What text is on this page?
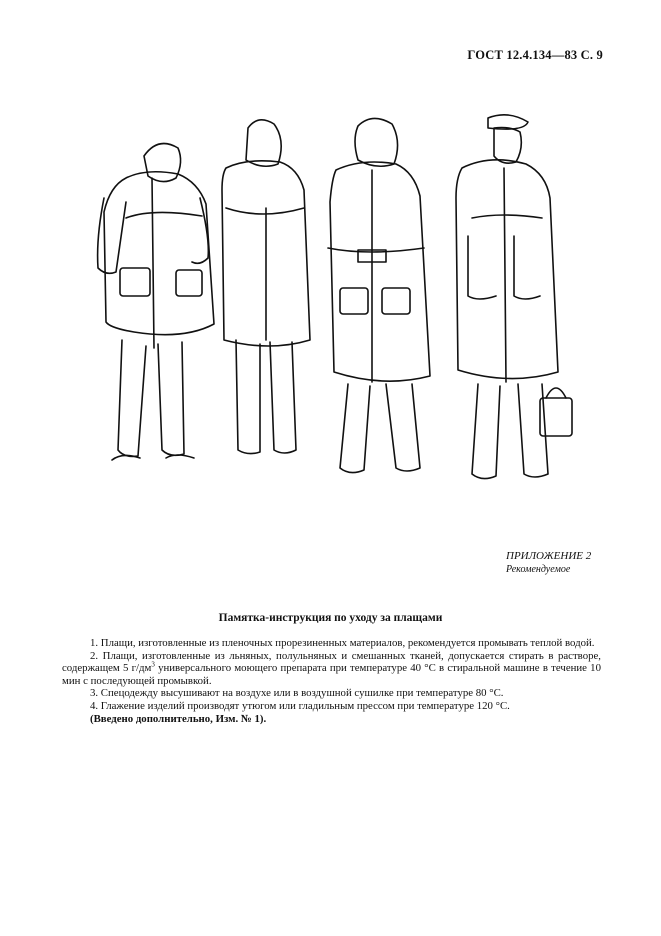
ГОСТ 12.4.134—83 С. 9
ПРИЛОЖЕНИЕ 2
Рекомендуемое
Памятка-инструкция по уходу за плащами

1. Плащи, изготовленные из пленочных прорезиненных материалов, рекомендуется промывать теплой водой.

2. Плащи, изготовленные из льняных, полульняных и смешанных тканей, допускается стирать в растворе, содержащем 5 $г/дм^3$ универсального моющего препарата при температуре 40 °С в стиральной машине в течение 10 мин с последующей промывкой.

3. Спецодежду высушивают на воздухе или в воздушной сушилке при температуре 80 °С.

4. Глажение изделий производят утюгом или гладильным прессом при температуре 120 °С.

(Введено дополнительно, Изм. № 1).
